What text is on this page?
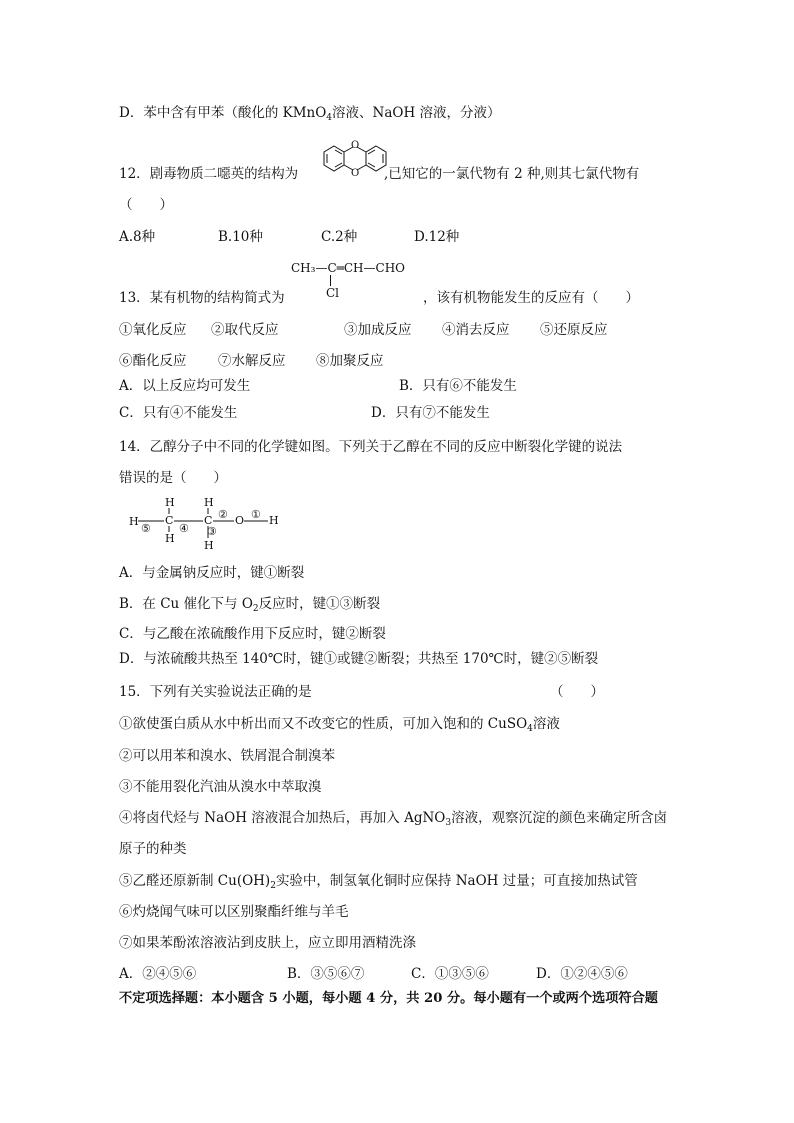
D．苯中含有甲苯（酸化的 KMnO$_4$溶液、NaOH 溶液，分液）
12．剧毒物质二噁英的结构为
O
O ,已知它的一氯代物有 2 种,则其七氯代物有
（　　）
A.8种	B.10种	C.2种	D.12种
CH₃—C═CH—CHO
Cl
13．某有机物的结构简式为	，该有机物能发生的反应有（　　）
①氧化反应 ②取代反应	③加成反应 ④消去反应 ⑤还原反应
⑥酯化反应 ⑦水解反应 ⑧加聚反应
A．以上反应均可发生	B．只有⑥不能发生
C．只有④不能发生	D．只有⑦不能发生
14．乙醇分子中不同的化学键如图。下列关于乙醇在不同的反应中断裂化学键的说法
错误的是（　　）
H
⑤
H
C
H
④
H
C
③
H
② O ① H
A．与金属钠反应时，键①断裂
B．在 Cu 催化下与 $O_2$反应时，键①③断裂
C．与乙酸在浓硫酸作用下反应时，键②断裂
D．与浓硫酸共热至 140℃时，键①或键②断裂；共热至 170℃时，键②⑤断裂
15．下列有关实验说法正确的是	（　　）
①欲使蛋白质从水中析出而又不改变它的性质，可加入饱和的 CuSO$_4$溶液
②可以用苯和溴水、铁屑混合制溴苯
③不能用裂化汽油从溴水中萃取溴
④将卤代烃与 NaOH 溶液混合加热后，再加入 AgNO$_3$溶液，观察沉淀的颜色来确定所含卤
原子的种类
⑤乙醛还原新制 $Cu(OH)_2$实验中，制氢氧化铜时应保持 NaOH 过量；可直接加热试管
⑥灼烧闻气味可以区别聚酯纤维与羊毛
⑦如果苯酚浓溶液沾到皮肤上，应立即用酒精洗涤
A．②④⑤⑥	B．③⑤⑥⑦	C．①③⑤⑥	D．①②④⑤⑥
不定项选择题：本小题含 5 小题，每小题 4 分，共 20 分。每小题有一个或两个选项符合题
